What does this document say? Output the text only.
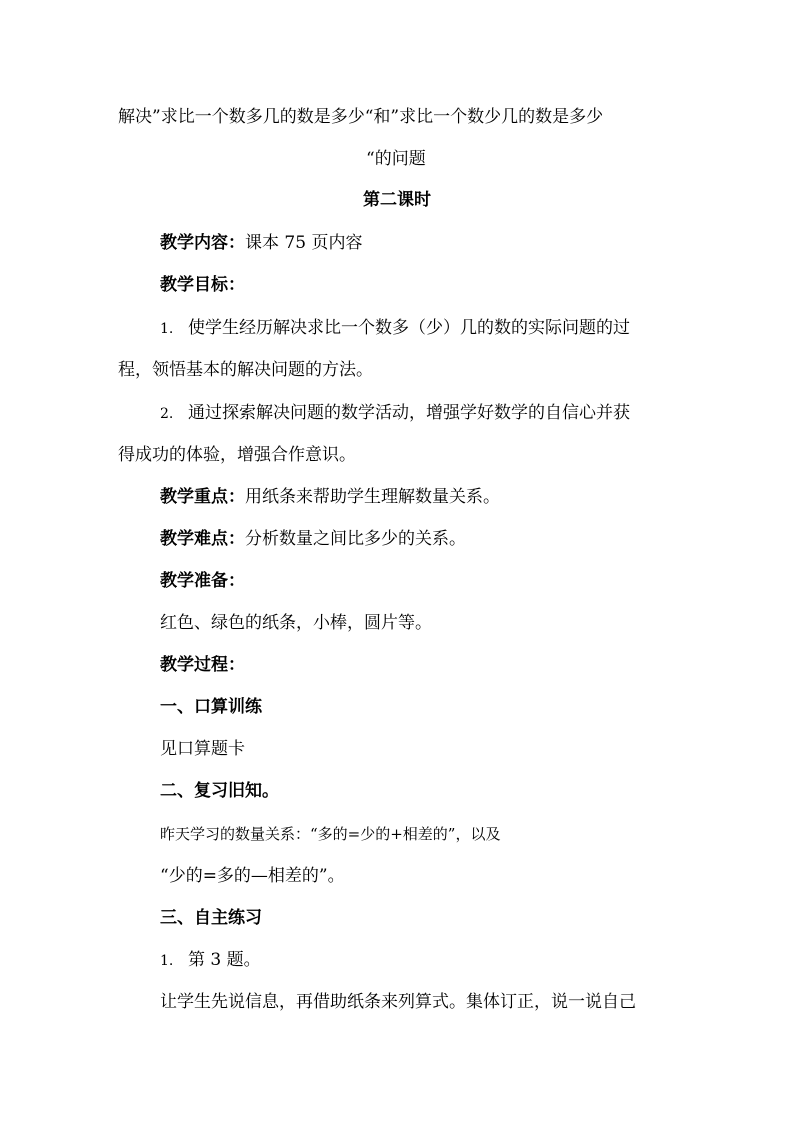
解决”求比一个数多几的数是多少“和”求比一个数少几的数是多少
“的问题
第二课时
教学内容：课本 75 页内容
教学目标：
1. 使学生经历解决求比一个数多（少）几的数的实际问题的过
程，领悟基本的解决问题的方法。
2. 通过探索解决问题的数学活动，增强学好数学的自信心并获
得成功的体验，增强合作意识。
教学重点：用纸条来帮助学生理解数量关系。
教学难点：分析数量之间比多少的关系。
教学准备：
红色、绿色的纸条，小棒，圆片等。
教学过程：
一、口算训练
见口算题卡
二、复习旧知。
昨天学习的数量关系：“多的=少的+相差的”，以及
“少的=多的—相差的”。
三、自主练习
1. 第 3 题。
让学生先说信息，再借助纸条来列算式。集体订正，说一说自己
